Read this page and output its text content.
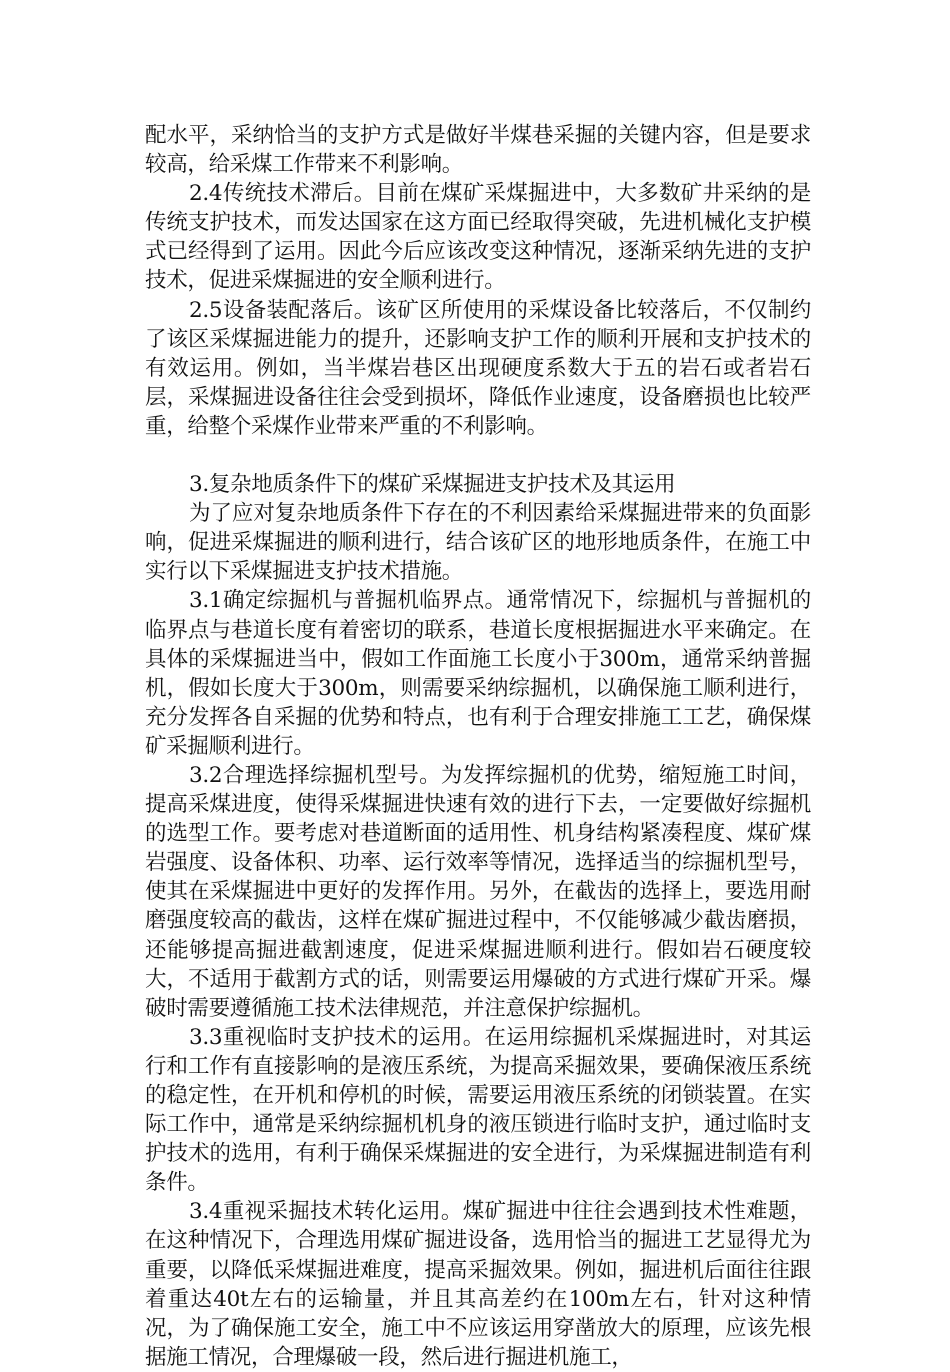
配水平，采纳恰当的支护方式是做好半煤巷采掘的关键内容，但是要求较高，给采煤工作带来不利影响。

2.4传统技术滞后。目前在煤矿采煤掘进中，大多数矿井采纳的是传统支护技术，而发达国家在这方面已经取得突破，先进机械化支护模式已经得到了运用。因此今后应该改变这种情况，逐渐采纳先进的支护技术，促进采煤掘进的安全顺利进行。

2.5设备装配落后。该矿区所使用的采煤设备比较落后，不仅制约了该区采煤掘进能力的提升，还影响支护工作的顺利开展和支护技术的有效运用。例如，当半煤岩巷区出现硬度系数大于五的岩石或者岩石层，采煤掘进设备往往会受到损坏，降低作业速度，设备磨损也比较严重，给整个采煤作业带来严重的不利影响。

3.复杂地质条件下的煤矿采煤掘进支护技术及其运用

为了应对复杂地质条件下存在的不利因素给采煤掘进带来的负面影响，促进采煤掘进的顺利进行，结合该矿区的地形地质条件，在施工中实行以下采煤掘进支护技术措施。

3.1确定综掘机与普掘机临界点。通常情况下，综掘机与普掘机的临界点与巷道长度有着密切的联系，巷道长度根据掘进水平来确定。在具体的采煤掘进当中，假如工作面施工长度小于300m，通常采纳普掘机，假如长度大于300m，则需要采纳综掘机，以确保施工顺利进行，充分发挥各自采掘的优势和特点，也有利于合理安排施工工艺，确保煤矿采掘顺利进行。

3.2合理选择综掘机型号。为发挥综掘机的优势，缩短施工时间，提高采煤进度，使得采煤掘进快速有效的进行下去，一定要做好综掘机的选型工作。要考虑对巷道断面的适用性、机身结构紧凑程度、煤矿煤岩强度、设备体积、功率、运行效率等情况，选择适当的综掘机型号，使其在采煤掘进中更好的发挥作用。另外，在截齿的选择上，要选用耐磨强度较高的截齿，这样在煤矿掘进过程中，不仅能够减少截齿磨损，还能够提高掘进截割速度，促进采煤掘进顺利进行。假如岩石硬度较大，不适用于截割方式的话，则需要运用爆破的方式进行煤矿开采。爆破时需要遵循施工技术法律规范，并注意保护综掘机。

3.3重视临时支护技术的运用。在运用综掘机采煤掘进时，对其运行和工作有直接影响的是液压系统，为提高采掘效果，要确保液压系统的稳定性，在开机和停机的时候，需要运用液压系统的闭锁装置。在实际工作中，通常是采纳综掘机机身的液压锁进行临时支护，通过临时支护技术的选用，有利于确保采煤掘进的安全进行，为采煤掘进制造有利条件。

3.4重视采掘技术转化运用。煤矿掘进中往往会遇到技术性难题，在这种情况下，合理选用煤矿掘进设备，选用恰当的掘进工艺显得尤为重要，以降低采煤掘进难度，提高采掘效果。例如，掘进机后面往往跟着重达40t左右的运输量，并且其高差约在100m左右，针对这种情况，为了确保施工安全，施工中不应该运用穿凿放大的原理，应该先根据施工情况，合理爆破一段，然后进行掘进机施工，
